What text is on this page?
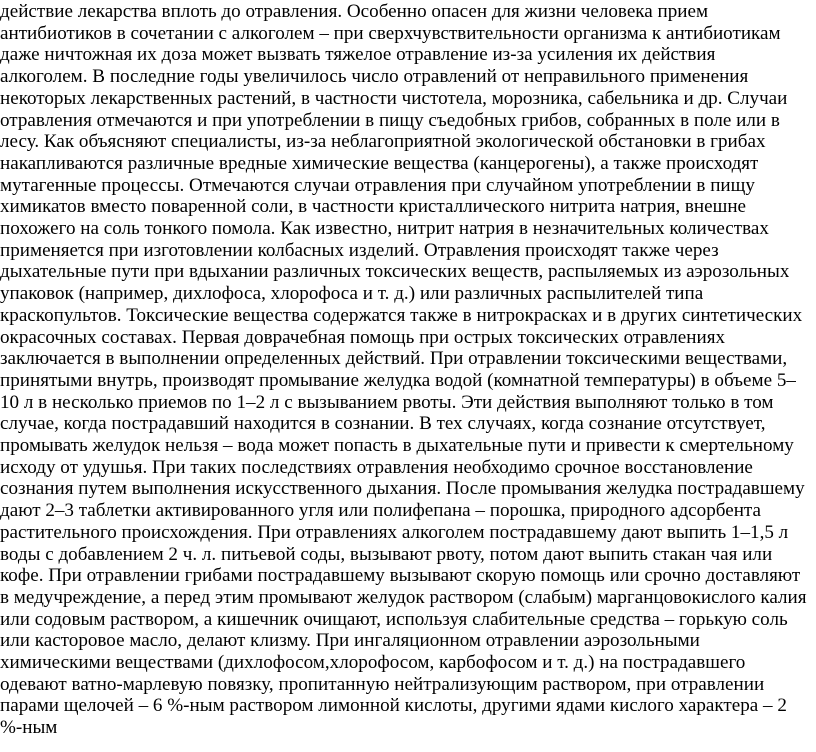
действие лекарства вплоть до отравления. Особенно опасен для жизни человека прием
антибиотиков в сочетании с алкоголем – при сверхчувствительности организма к антибиотикам
даже ничтожная их доза может вызвать тяжелое отравление из-за усиления их действия
алкоголем. В последние годы увеличилось число отравлений от неправильного применения
некоторых лекарственных растений, в частности чистотела, морозника, сабельника и др. Случаи
отравления отмечаются и при употреблении в пищу съедобных грибов, собранных в поле или в
лесу. Как объясняют специалисты, из-за неблагоприятной экологической обстановки в грибах
накапливаются различные вредные химические вещества (канцерогены), а также происходят
мутагенные процессы. Отмечаются случаи отравления при случайном употреблении в пищу
химикатов вместо поваренной соли, в частности кристаллического нитрита натрия, внешне
похожего на соль тонкого помола. Как известно, нитрит натрия в незначительных количествах
применяется при изготовлении колбасных изделий. Отравления происходят также через
дыхательные пути при вдыхании различных токсических веществ, распыляемых из аэрозольных
упаковок (например, дихлофоса, хлорофоса и т. д.) или различных распылителей типа
краскопультов. Токсические вещества содержатся также в нитрокрасках и в других синтетических
окрасочных составах. Первая доврачебная помощь при острых токсических отравлениях
заключается в выполнении определенных действий. При отравлении токсическими веществами,
принятыми внутрь, производят промывание желудка водой (комнатной температуры) в объеме 5–
10 л в несколько приемов по 1–2 л с вызыванием рвоты. Эти действия выполняют только в том
случае, когда пострадавший находится в сознании. В тех случаях, когда сознание отсутствует,
промывать желудок нельзя – вода может попасть в дыхательные пути и привести к смертельному
исходу от удушья. При таких последствиях отравления необходимо срочное восстановление
сознания путем выполнения искусственного дыхания. После промывания желудка пострадавшему
дают 2–3 таблетки активированного угля или полифепана – порошка, природного адсорбента
растительного происхождения. При отравлениях алкоголем пострадавшему дают выпить 1–1,5 л
воды с добавлением 2 ч. л. питьевой соды, вызывают рвоту, потом дают выпить стакан чая или
кофе. При отравлении грибами пострадавшему вызывают скорую помощь или срочно доставляют
в медучреждение, а перед этим промывают желудок раствором (слабым) марганцовокислого калия
или содовым раствором, а кишечник очищают, используя слабительные средства – горькую соль
или касторовое масло, делают клизму. При ингаляционном отравлении аэрозольными
химическими веществами (дихлофосом,хлорофосом, карбофосом и т. д.) на пострадавшего
одевают ватно-марлевую повязку, пропитанную нейтрализующим раствором, при отравлении
парами щелочей – 6 %-ным раствором лимонной кислоты, другими ядами кислого характера – 2
%-ным
